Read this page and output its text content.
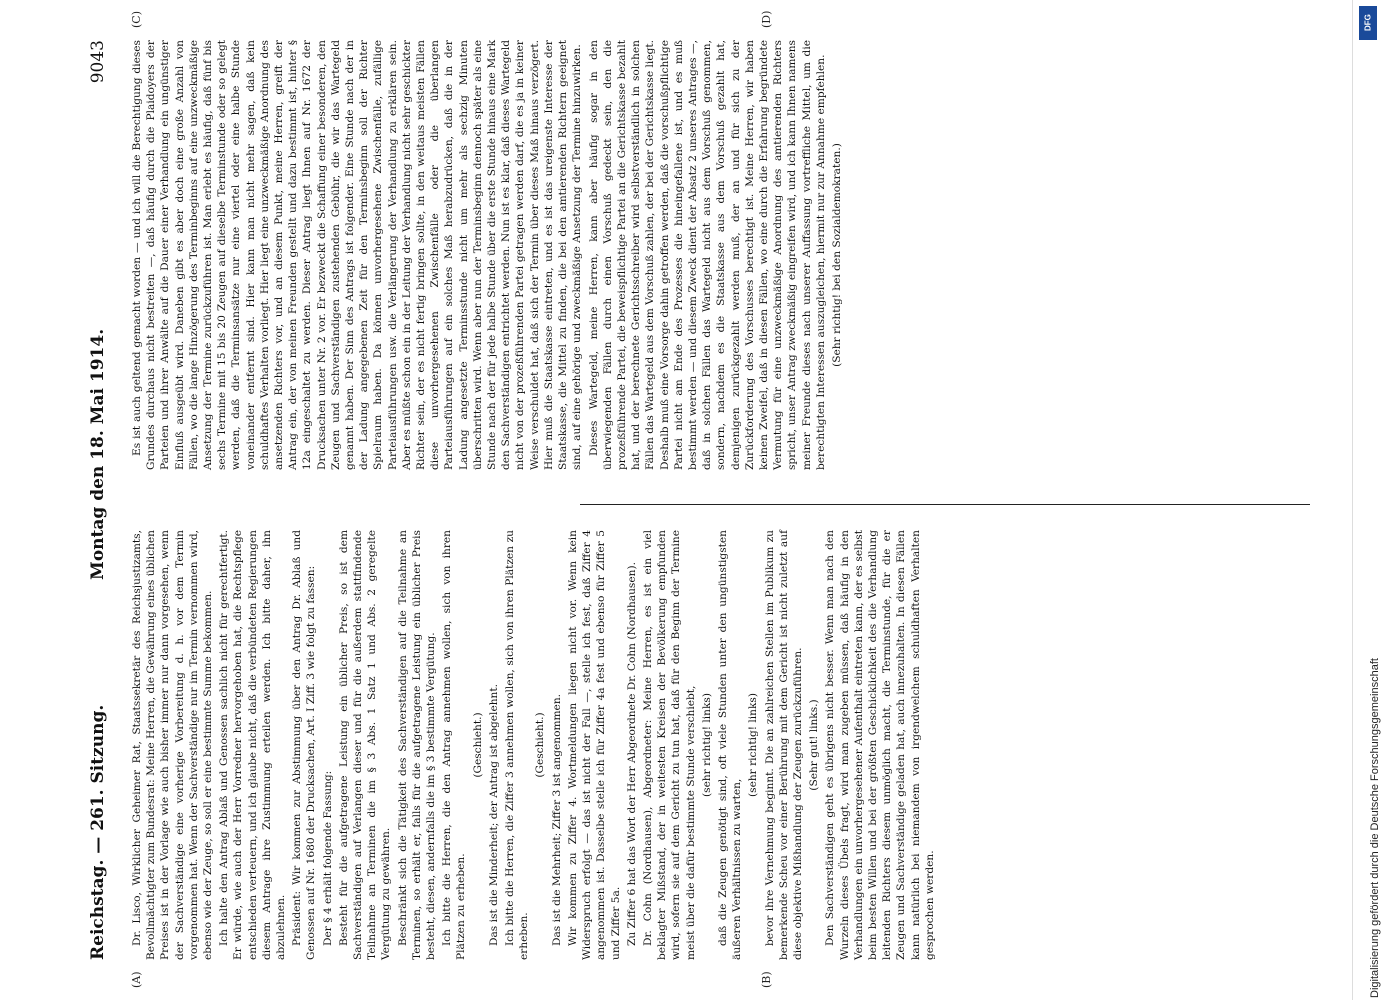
Reichstag. — 261. Sitzung.
Montag den 18. Mai 1914.
9043
(A)	(B)
(C)	(D)

Dr. Lisco, Wirklicher Geheimer Rat, Staatssekretär des Reichsjustizamts, Bevollmächtigter zum Bundesrat: Meine Herren, die Gewährung eines üblichen Preises ist in der Vorlage wie auch bisher immer nur dann vorgesehen, wenn der Sachverständige eine vorherige Vorbereitung d. h. vor dem Termin vorgenommen hat. Wenn der Sachverständige nur im Termin vernommen wird, ebenso wie der Zeuge, so soll er eine bestimmte Summe bekommen. Ich halte den Antrag Ablaß und Genossen sachlich nicht für gerechtfertigt. Er würde, wie auch der Herr Vorredner hervorgehoben hat, die Rechtspflege entschieden verteuern, und ich glaube nicht, daß die verbündeten Regierungen diesem Antrage ihre Zustimmung erteilen werden. Ich bitte daher, ihn abzulehnen. Präsident: Wir kommen zur Abstimmung über den Antrag Dr. Ablaß und Genossen auf Nr. 1680 der Drucksachen, Art. I Ziff. 3 wie folgt zu fassen: Der § 4 erhält folgende Fassung: Besteht für die aufgetragene Leistung ein üblicher Preis, so ist dem Sachverständigen auf Verlangen dieser und für die außerdem stattfindende Teilnahme an Terminen die im § 3 Abs. 1 Satz 1 und Abs. 2 geregelte Vergütung zu gewähren. Beschränkt sich die Tätigkeit des Sachverständigen auf die Teilnahme an Terminen, so erhält er, falls für die aufgetragene Leistung ein üblicher Preis besteht, diesen, andernfalls die im § 3 bestimmte Vergütung. Ich bitte die Herren, die den Antrag annehmen wollen, sich von ihren Plätzen zu erheben.

(Geschieht.) Das ist die Minderheit; der Antrag ist abgelehnt. Ich bitte die Herren, die Ziffer 3 annehmen wollen, sich von ihren Plätzen zu erheben.

(Geschieht.) Das ist die Mehrheit; Ziffer 3 ist angenommen. Wir kommen zu Ziffer 4. Wortmeldungen liegen nicht vor. Wenn kein Widerspruch erfolgt — das ist nicht der Fall —, stelle ich fest, daß Ziffer 4 angenommen ist. Dasselbe stelle ich für Ziffer 4a fest und ebenso für Ziffer 5 und Ziffer 5a. Zu Ziffer 6 hat das Wort der Herr Abgeordnete Dr. Cohn (Nordhausen). Dr. Cohn (Nordhausen), Abgeordneter: Meine Herren, es ist ein viel beklagter Mißstand, der in weitesten Kreisen der Bevölkerung empfunden wird, sofern sie auf dem Gericht zu tun hat, daß für den Beginn der Termine meist über die dafür bestimmte Stunde verschiebt, (sehr richtig! links) daß die Zeugen genötigt sind, oft viele Stunden unter den ungünstigsten äußeren Verhältnissen zu warten,

(sehr richtig! links) bevor ihre Vernehmung beginnt. Die an zahlreichen Stellen im Publikum zu bemerkende Scheu vor einer Berührung mit dem Gericht ist nicht zuletzt auf diese objektive Mißhandlung der Zeugen zurückzuführen. (Sehr gut! links.) Den Sachverständigen geht es übrigens nicht besser. Wenn man nach den Wurzeln dieses Übels fragt, wird man zugeben müssen, daß häufig in den Verhandlungen ein unvorhergesehener Aufenthalt eintreten kann, der es selbst beim besten Willen und bei der größten Geschicklichkeit des die Verhandlung leitenden Richters diesem unmöglich macht, die Terminstunde, für die er Zeugen und Sachverständige geladen hat, auch innezuhalten. In diesen Fällen kann natürlich bei niemandem von irgendwelchem schuldhaften Verhalten gesprochen werden.

Es ist auch geltend gemacht worden — und ich will die Berechtigung dieses Grundes durchaus nicht bestreiten —, daß häufig durch die Plaidoyers der Parteien und ihrer Anwälte auf die Dauer einer Verhandlung ein ungünstiger Einfluß ausgeübt wird. Daneben gibt es aber doch eine große Anzahl von Fällen, wo die lange Hinzögerung des Terminbeginns auf eine unzweckmäßige Ansetzung der Termine zurückzuführen ist. Man erlebt es häufig, daß fünf bis sechs Termine mit 15 bis 20 Zeugen auf dieselbe Terminstunde oder so gelegt werden, daß die Terminsansätze nur eine viertel oder eine halbe Stunde voneinander entfernt sind. Hier kann man nicht mehr sagen, daß kein schuldhaftes Verhalten vorliegt. Hier liegt eine unzweckmäßige Anordnung des ansetzenden Richters vor, und an diesem Punkt, meine Herren, greift der Antrag ein, der von meinen Freunden gestellt und dazu bestimmt ist, hinter § 12a eingeschaltet zu werden. Dieser Antrag liegt Ihnen auf Nr. 1672 der Drucksachen unter Nr. 2 vor. Er bezweckt die Schaffung einer besonderen, den Zeugen und Sachverständigen zustehenden Gebühr, die wir das Wartegeld genannt haben. Der Sinn des Antrags ist folgender. Eine Stunde nach der in der Ladung angegebenen Zeit für den Terminsbeginn soll der Richter Spielraum haben. Da können unvorhergesehene Zwischenfälle, zufällige Parteiausführungen usw. die Verlängerung der Verhandlung zu erklären sein. Aber es müßte schon ein in der Leitung der Verhandlung nicht sehr geschickter Richter sein, der es nicht fertig bringen sollte, in den weitaus meisten Fällen diese unvorhergesehenen Zwischenfälle oder die überlangen Parteiausführungen auf ein solches Maß herabzudrücken, daß die in der Ladung angesetzte Terminsstunde nicht um mehr als sechzig Minuten überschritten wird. Wenn aber nun der Terminsbeginn dennoch später als eine Stunde nach der für jede halbe Stunde über die erste Stunde hinaus eine Mark den Sachverständigen entrichtet werden. Nun ist es klar, daß dieses Wartegeld nicht von der prozeßführenden Partei getragen werden darf, die es ja in keiner Weise verschuldet hat, daß sich der Termin über dieses Maß hinaus verzögert. Hier muß die Staatskasse eintreten, und es ist das ureigenste Interesse der Staatskasse, die Mittel zu finden, die bei den amtierenden Richtern geeignet sind, auf eine gehörige und zweckmäßige Ansetzung der Termine hinzuwirken. Dieses Wartegeld, meine Herren, kann aber häufig sogar in den überwiegenden Fällen durch einen Vorschuß gedeckt sein, den die prozeßführende Partei, die beweispflichtige Partei an die Gerichtskasse bezahlt hat, und der berechnete Gerichtsschreiber wird selbstverständlich in solchen Fällen das Wartegeld aus dem Vorschuß zahlen, der bei der Gerichtskasse liegt. Deshalb muß eine Vorsorge dahin getroffen werden, daß die vorschußpflichtige Partei nicht am Ende des Prozesses die hineingefallene ist, und es muß bestimmt werden — und diesem Zweck dient der Absatz 2 unseres Antrages —, daß in solchen Fällen das Wartegeld nicht aus dem Vorschuß genommen, sondern, nachdem es die Staatskasse aus dem Vorschuß gezahlt hat, demjenigen zurückgezahlt werden muß, der an und für sich zu der Zurückforderung des Vorschusses berechtigt ist. Meine Herren, wir haben keinen Zweifel, daß in diesen Fällen, wo eine durch die Erfahrung begründete Vermutung für eine unzweckmäßige Anordnung des amtierenden Richters spricht, unser Antrag zweckmäßig eingreifen wird, und ich kann Ihnen namens meiner Freunde dieses nach unserer Auffassung vortreffliche Mittel, um die berechtigten Interessen auszugleichen, hiermit nur zur Annahme empfehlen. (Sehr richtig! bei den Sozialdemokraten.)

DFG
Digitalisierung gefördert durch die Deutsche Forschungsgemeinschaft
